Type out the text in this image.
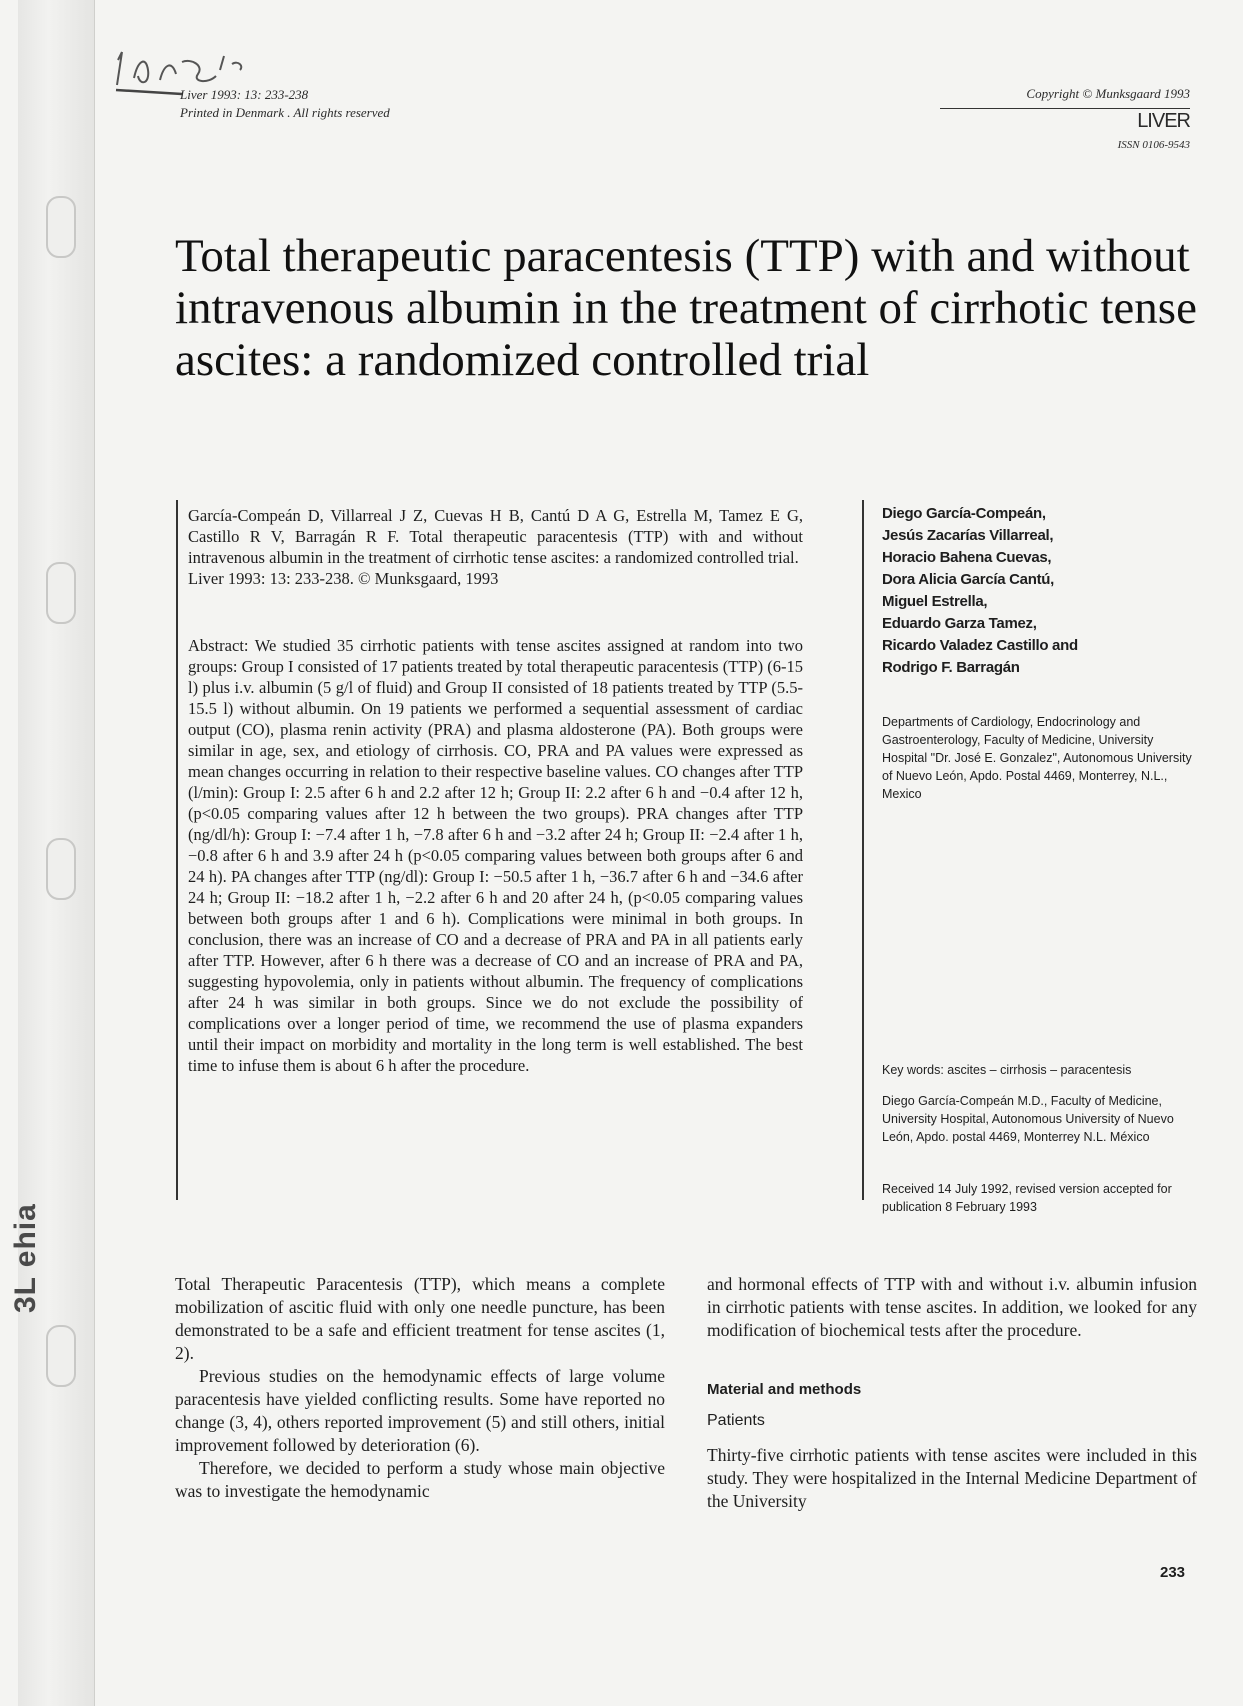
3L ehia
Liver 1993: 13: 233-238
Printed in Denmark . All rights reserved
Copyright © Munksgaard 1993
LIVER
ISSN 0106-9543
Total therapeutic paracentesis (TTP) with and without intravenous albumin in the treatment of cirrhotic tense ascites: a randomized controlled trial
García-Compeán D, Villarreal J Z, Cuevas H B, Cantú D A G, Estrella M, Tamez E G, Castillo R V, Barragán R F. Total therapeutic paracentesis (TTP) with and without intravenous albumin in the treatment of cirrhotic tense ascites: a randomized controlled trial.
Liver 1993: 13: 233-238. © Munksgaard, 1993
Abstract: We studied 35 cirrhotic patients with tense ascites assigned at random into two groups: Group I consisted of 17 patients treated by total therapeutic paracentesis (TTP) (6-15 l) plus i.v. albumin (5 g/l of fluid) and Group II consisted of 18 patients treated by TTP (5.5-15.5 l) without albumin. On 19 patients we performed a sequential assessment of cardiac output (CO), plasma renin activity (PRA) and plasma aldosterone (PA). Both groups were similar in age, sex, and etiology of cirrhosis. CO, PRA and PA values were expressed as mean changes occurring in relation to their respective baseline values. CO changes after TTP (l/min): Group I: 2.5 after 6 h and 2.2 after 12 h; Group II: 2.2 after 6 h and −0.4 after 12 h, (p<0.05 comparing values after 12 h between the two groups). PRA changes after TTP (ng/dl/h): Group I: −7.4 after 1 h, −7.8 after 6 h and −3.2 after 24 h; Group II: −2.4 after 1 h, −0.8 after 6 h and 3.9 after 24 h (p<0.05 comparing values between both groups after 6 and 24 h). PA changes after TTP (ng/dl): Group I: −50.5 after 1 h, −36.7 after 6 h and −34.6 after 24 h; Group II: −18.2 after 1 h, −2.2 after 6 h and 20 after 24 h, (p<0.05 comparing values between both groups after 1 and 6 h). Complications were minimal in both groups. In conclusion, there was an increase of CO and a decrease of PRA and PA in all patients early after TTP. However, after 6 h there was a decrease of CO and an increase of PRA and PA, suggesting hypovolemia, only in patients without albumin. The frequency of complications after 24 h was similar in both groups. Since we do not exclude the possibility of complications over a longer period of time, we recommend the use of plasma expanders until their impact on morbidity and mortality in the long term is well established. The best time to infuse them is about 6 h after the procedure.
Diego García-Compeán,
Jesús Zacarías Villarreal,
Horacio Bahena Cuevas,
Dora Alicia García Cantú,
Miguel Estrella,
Eduardo Garza Tamez,
Ricardo Valadez Castillo and
Rodrigo F. Barragán
Departments of Cardiology, Endocrinology and Gastroenterology, Faculty of Medicine, University Hospital "Dr. José E. Gonzalez", Autonomous University of Nuevo León, Apdo. Postal 4469, Monterrey, N.L., Mexico
Key words: ascites – cirrhosis – paracentesis
Diego García-Compeán M.D., Faculty of Medicine, University Hospital, Autonomous University of Nuevo León, Apdo. postal 4469, Monterrey N.L. México
Received 14 July 1992, revised version accepted for publication 8 February 1993

Total Therapeutic Paracentesis (TTP), which means a complete mobilization of ascitic fluid with only one needle puncture, has been demonstrated to be a safe and efficient treatment for tense ascites (1, 2).

Previous studies on the hemodynamic effects of large volume paracentesis have yielded conflicting results. Some have reported no change (3, 4), others reported improvement (5) and still others, initial improvement followed by deterioration (6).

Therefore, we decided to perform a study whose main objective was to investigate the hemodynamic

and hormonal effects of TTP with and without i.v. albumin infusion in cirrhotic patients with tense ascites. In addition, we looked for any modification of biochemical tests after the procedure.

Material and methods

Patients

Thirty-five cirrhotic patients with tense ascites were included in this study. They were hospitalized in the Internal Medicine Department of the University

233
